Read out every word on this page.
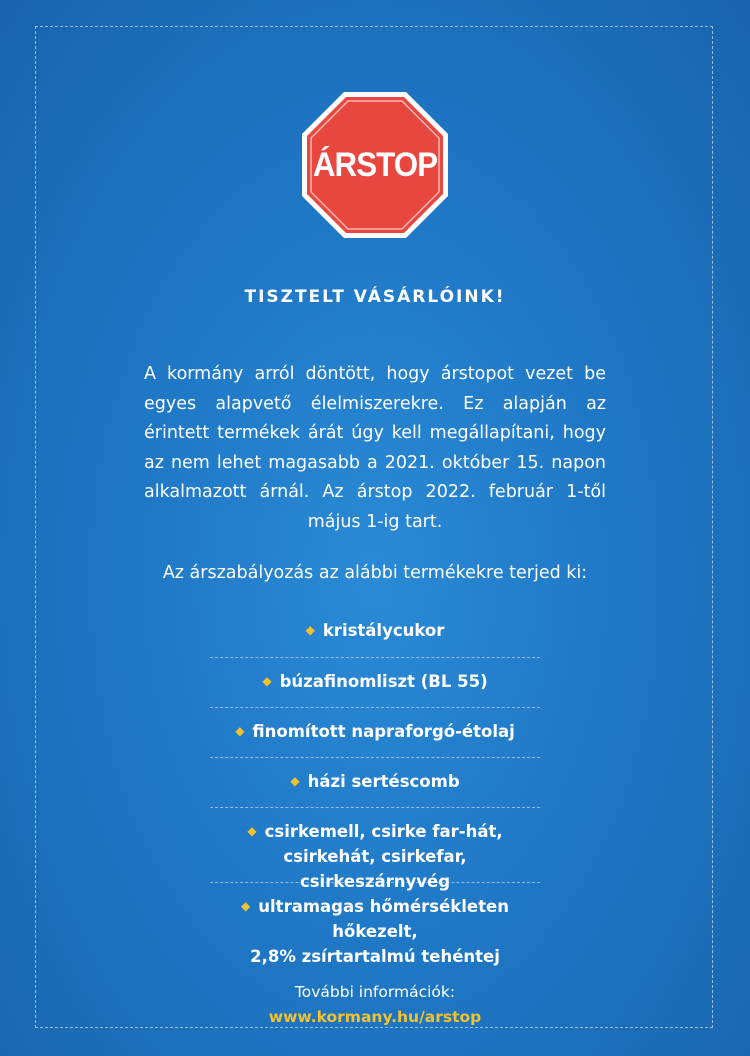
ÁRSTOP
TISZTELT VÁSÁRLÓINK!
A kormány arról döntött, hogy árstopot vezet be egyes alapvető élelmiszerekre. Ez alapján az érintett termékek árát úgy kell megállapítani, hogy az nem lehet magasabb a 2021. október 15. napon alkalmazott árnál. Az árstop 2022. február 1-től május 1-ig tart.
Az árszabályozás az alábbi termékekre terjed ki:
◆ kristálycukor
◆ búzafinomliszt (BL 55)
◆ finomított napraforgó-étolaj
◆ házi sertéscomb
◆ csirkemell, csirke far-hát,
csirkehát, csirkefar, csirkeszárnyvég
◆ ultramagas hőmérsékleten hőkezelt,
2,8% zsírtartalmú tehéntej
További információk:
www.kormany.hu/arstop
